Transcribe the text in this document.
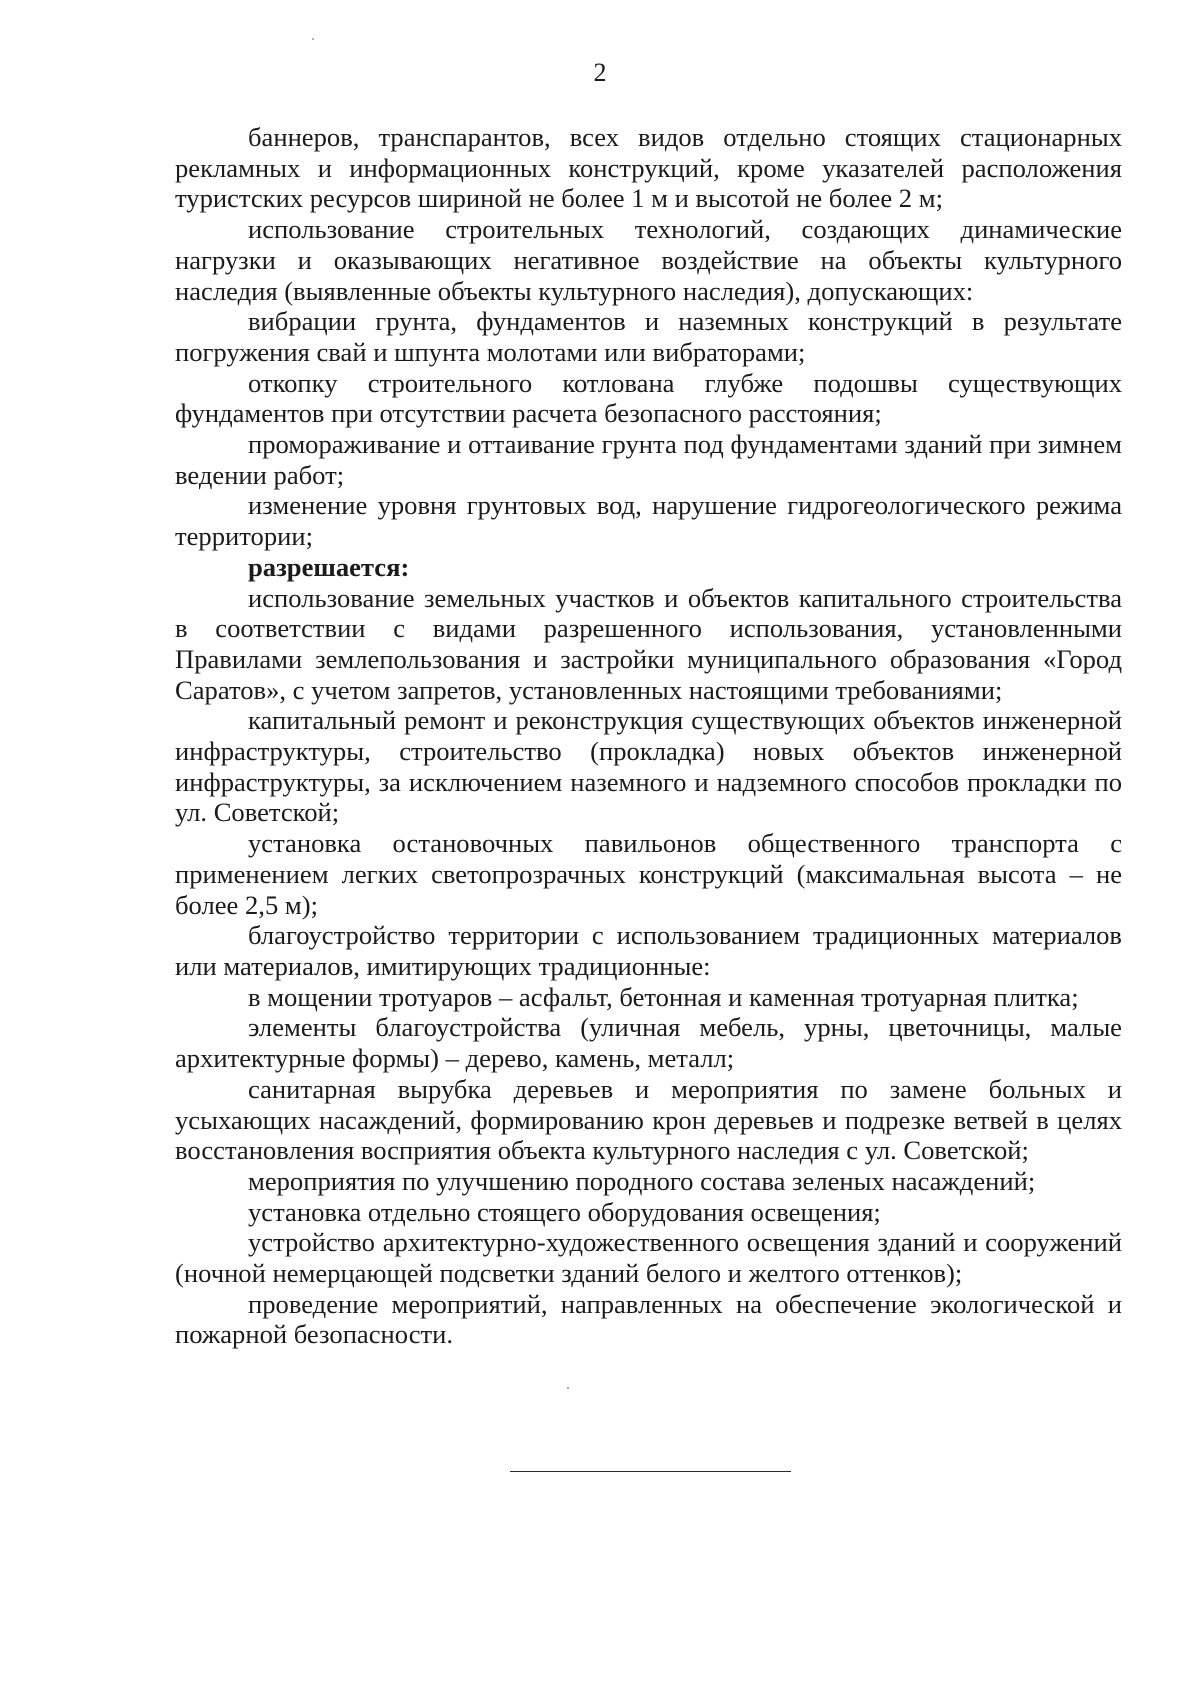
2

баннеров, транспарантов, всех видов отдельно стоящих стационарных рекламных и информационных конструкций, кроме указателей расположения туристских ресурсов шириной не более 1 м и высотой не более 2 м;

использование строительных технологий, создающих динамические нагрузки и оказывающих негативное воздействие на объекты культурного наследия (выявленные объекты культурного наследия), допускающих:

вибрации грунта, фундаментов и наземных конструкций в результате погружения свай и шпунта молотами или вибраторами;

откопку строительного котлована глубже подошвы существующих фундаментов при отсутствии расчета безопасного расстояния;

промораживание и оттаивание грунта под фундаментами зданий при зимнем ведении работ;

изменение уровня грунтовых вод, нарушение гидрогеологического режима территории;

разрешается:

использование земельных участков и объектов капитального строительства в соответствии с видами разрешенного использования, установленными Правилами землепользования и застройки муниципального образования «Город Саратов», с учетом запретов, установленных настоящими требованиями;

капитальный ремонт и реконструкция существующих объектов инженерной инфраструктуры, строительство (прокладка) новых объектов инженерной инфраструктуры, за исключением наземного и надземного способов прокладки по ул. Советской;

установка остановочных павильонов общественного транспорта с применением легких светопрозрачных конструкций (максимальная высота – не более 2,5 м);

благоустройство территории с использованием традиционных материалов или материалов, имитирующих традиционные:

в мощении тротуаров – асфальт, бетонная и каменная тротуарная плитка;

элементы благоустройства (уличная мебель, урны, цветочницы, малые архитектурные формы) – дерево, камень, металл;

санитарная вырубка деревьев и мероприятия по замене больных и усыхающих насаждений, формированию крон деревьев и подрезке ветвей в целях восстановления восприятия объекта культурного наследия с ул. Советской;

мероприятия по улучшению породного состава зеленых насаждений;

установка отдельно стоящего оборудования освещения;

устройство архитектурно-художественного освещения зданий и сооружений (ночной немерцающей подсветки зданий белого и желтого оттенков);

проведение мероприятий, направленных на обеспечение экологической и пожарной безопасности.
